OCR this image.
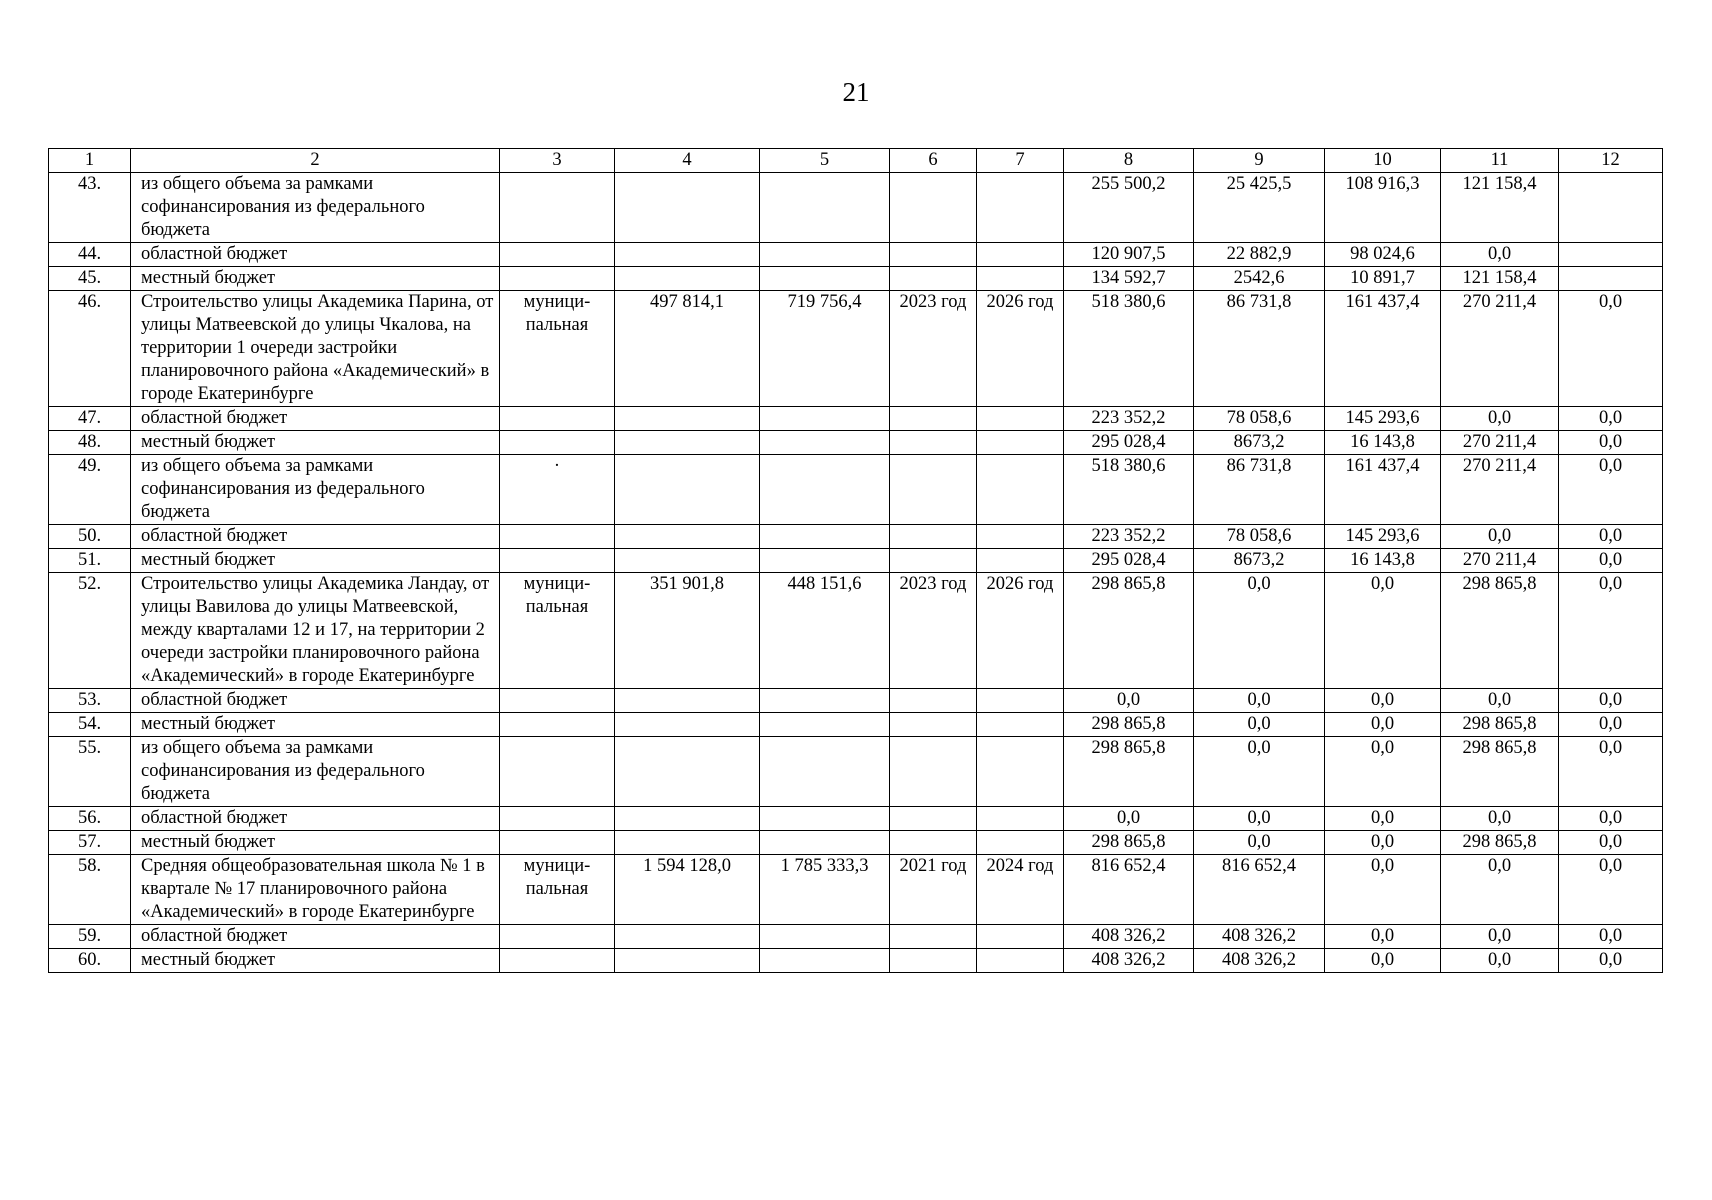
21
1	2	3	4	5	6	7	8	9	10	11	12
43.	из общего объема за рамками софинансирования из федерального бюджета						255 500,2	25 425,5	108 916,3	121 158,4	
44.	областной бюджет						120 907,5	22 882,9	98 024,6	0,0	
45.	местный бюджет						134 592,7	2542,6	10 891,7	121 158,4	
46.	Строительство улицы Академика Парина, от улицы Матвеевской до улицы Чкалова, на территории 1 очереди застройки планировочного района «Академический» в городе Екатеринбурге	муници-пальная	497 814,1	719 756,4	2023 год	2026 год	518 380,6	86 731,8	161 437,4	270 211,4	0,0
47.	областной бюджет						223 352,2	78 058,6	145 293,6	0,0	0,0
48.	местный бюджет						295 028,4	8673,2	16 143,8	270 211,4	0,0
49.	из общего объема за рамками софинансирования из федерального бюджета	·					518 380,6	86 731,8	161 437,4	270 211,4	0,0
50.	областной бюджет						223 352,2	78 058,6	145 293,6	0,0	0,0
51.	местный бюджет						295 028,4	8673,2	16 143,8	270 211,4	0,0
52.	Строительство улицы Академика Ландау, от улицы Вавилова до улицы Матвеевской, между кварталами 12 и 17, на территории 2 очереди застройки планировочного района «Академический» в городе Екатеринбурге	муници-пальная	351 901,8	448 151,6	2023 год	2026 год	298 865,8	0,0	0,0	298 865,8	0,0
53.	областной бюджет						0,0	0,0	0,0	0,0	0,0
54.	местный бюджет						298 865,8	0,0	0,0	298 865,8	0,0
55.	из общего объема за рамками софинансирования из федерального бюджета						298 865,8	0,0	0,0	298 865,8	0,0
56.	областной бюджет						0,0	0,0	0,0	0,0	0,0
57.	местный бюджет						298 865,8	0,0	0,0	298 865,8	0,0
58.	Средняя общеобразовательная школа № 1 в квартале № 17 планировочного района «Академический» в городе Екатеринбурге	муници-пальная	1 594 128,0	1 785 333,3	2021 год	2024 год	816 652,4	816 652,4	0,0	0,0	0,0
59.	областной бюджет						408 326,2	408 326,2	0,0	0,0	0,0
60.	местный бюджет						408 326,2	408 326,2	0,0	0,0	0,0
